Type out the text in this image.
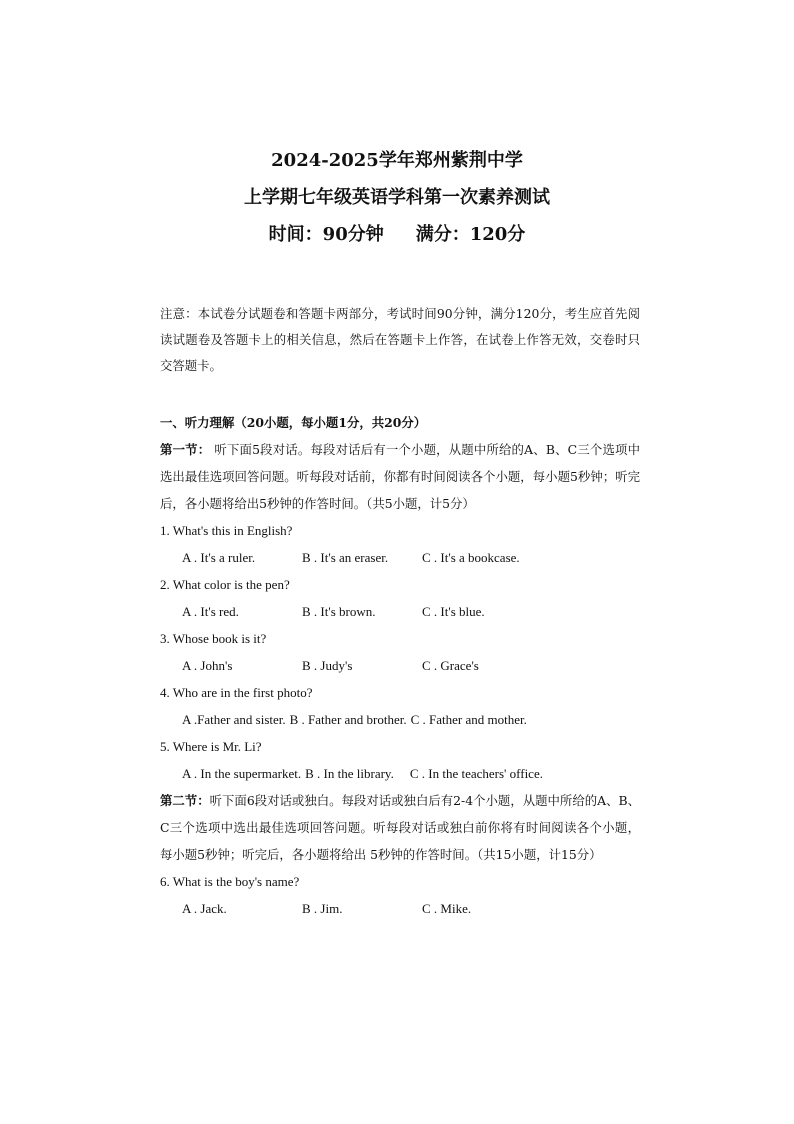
2024-2025学年郑州紫荆中学
上学期七年级英语学科第一次素养测试
时间：90分钟 满分：120分
注意：本试卷分试题卷和答题卡两部分，考试时间90分钟，满分120分，考生应首先阅读试题卷及答题卡上的相关信息，然后在答题卡上作答，在试卷上作答无效，交卷时只交答题卡。

一、听力理解（20小题，每小题1分，共20分）

第一节： 听下面5段对话。每段对话后有一个小题，从题中所给的A、B、C三个选项中选出最佳选项回答问题。听每段对话前，你都有时间阅读各个小题，每小题5秒钟；听完后，各小题将给出5秒钟的作答时间。（共5小题，计5分）

1. What's this in English?

A . It's a ruler.	B . It's an eraser.	C . It's a bookcase.

2. What color is the pen?

A . It's red.	B . It's brown.	C . It's blue.

3. Whose book is it?

A . John's	B . Judy's	C . Grace's

4. Who are in the first photo?

A .Father and sister. B . Father and brother. C . Father and mother.

5. Where is Mr. Li?

A . In the supermarket. B . In the library. C . In the teachers' office.

第二节：听下面6段对话或独白。每段对话或独白后有2-4个小题，从题中所给的A、B、C三个选项中选出最佳选项回答问题。听每段对话或独白前你将有时间阅读各个小题，每小题5秒钟；听完后，各小题将给出 5秒钟的作答时间。（共15小题，计15分）

6. What is the boy's name?

A . Jack.	B . Jim.	C . Mike.
